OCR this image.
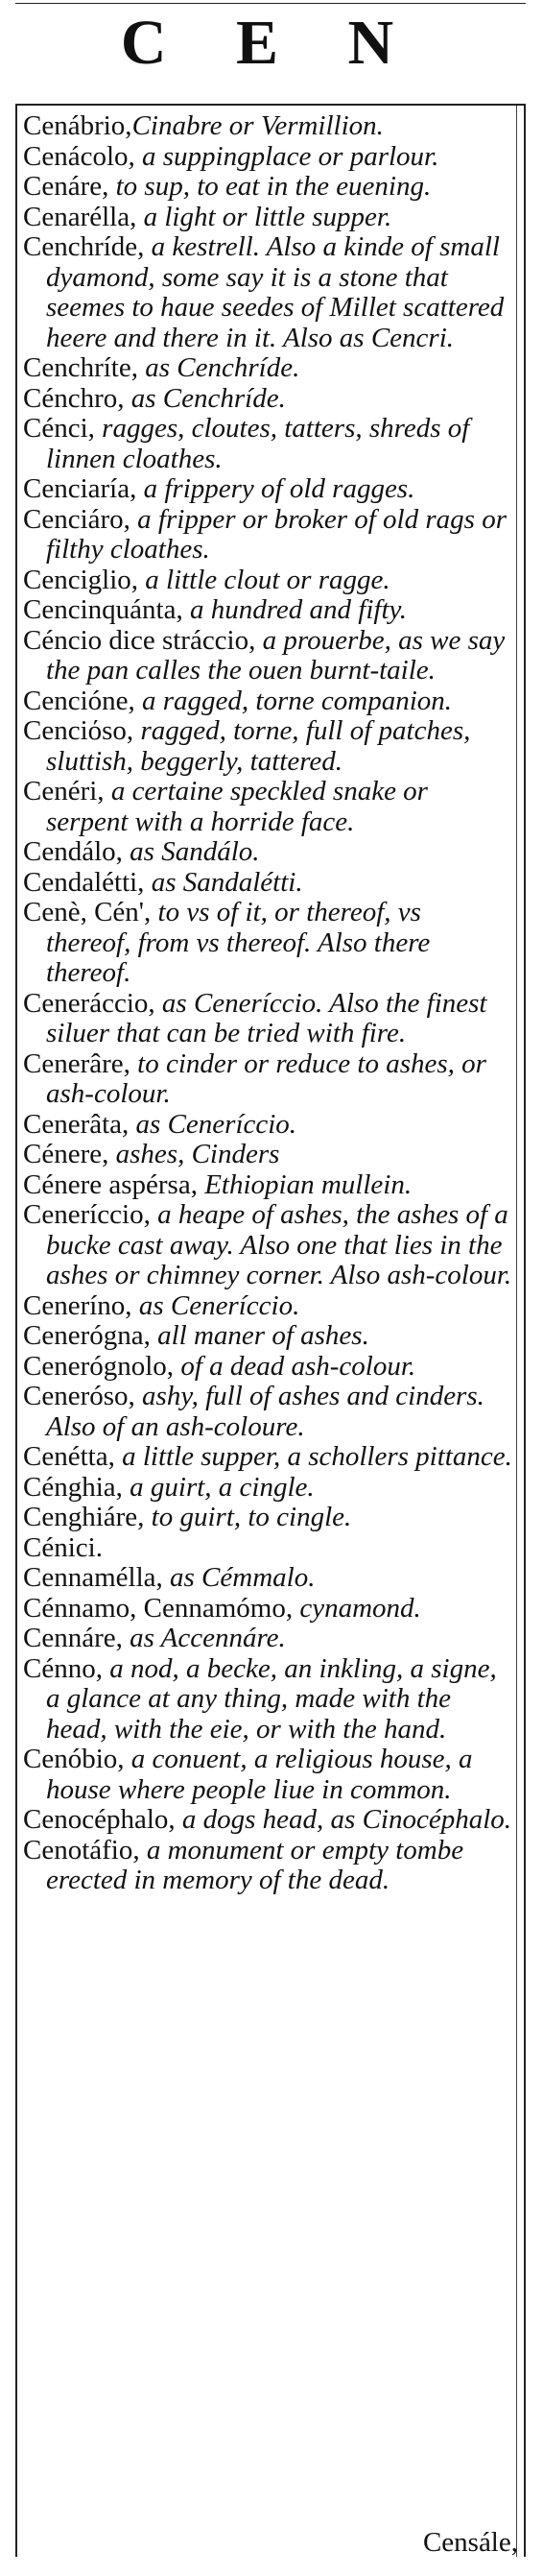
C E N

Cenábrio,Cinabre or Vermillion.

Cenácolo, a suppingplace or parlour.

Cenáre, to sup, to eat in the euening.

Cenarélla, a light or little supper.

Cenchríde, a kestrell. Also a kinde of small dyamond, some say it is a stone that seemes to haue seedes of Millet scattered heere and there in it. Also as Cencri.

Cenchríte, as Cenchríde.

Cénchro, as Cenchríde.

Cénci, ragges, cloutes, tatters, shreds of linnen cloathes.

Cenciaría, a frippery of old ragges.

Cenciáro, a fripper or broker of old rags or filthy cloathes.

Cenciglio, a little clout or ragge.

Cencinquánta, a hundred and fifty.

Céncio dice stráccio, a prouerbe, as we say the pan calles the ouen burnt-taile.

Cencióne, a ragged, torne companion.

Cenciόso, ragged, torne, full of patches, sluttish, beggerly, tattered.

Cenéri, a certaine speckled snake or serpent with a horride face.

Cendálo, as Sandálo.

Cendalétti, as Sandalétti.

Cenè, Cén', to vs of it, or thereof, vs thereof, from vs thereof. Also there thereof.

Ceneráccio, as Ceneríccio. Also the finest siluer that can be tried with fire.

Cenerâre, to cinder or reduce to ashes, or ash-colour.

Cenerâta, as Ceneríccio.

Cénere, ashes, Cinders

Cénere aspérsa, Ethiopian mullein.

Ceneríccio, a heape of ashes, the ashes of a bucke cast away. Also one that lies in the ashes or chimney corner. Also ash-colour.

Ceneríno, as Ceneríccio.

Cenerógna, all maner of ashes.

Cenerógnolo, of a dead ash-colour.

Ceneróso, ashy, full of ashes and cinders. Also of an ash-coloure.

Cenétta, a little supper, a schollers pittance.

Cénghia, a guirt, a cingle.

Cenghiáre, to guirt, to cingle.

Cénici.

Cennamélla, as Cémmalo.

Cénnamo, Cennamómo, cynamond.

Cennáre, as Accennáre.

Cénno, a nod, a becke, an inkling, a signe, a glance at any thing, made with the head, with the eie, or with the hand.

Cenóbio, a conuent, a religious house, a house where people liue in common.

Cenocéphalo, a dogs head, as Cinocéphalo.

Cenotáfio, a monument or empty tombe erected in memory of the dead.

Censále,
